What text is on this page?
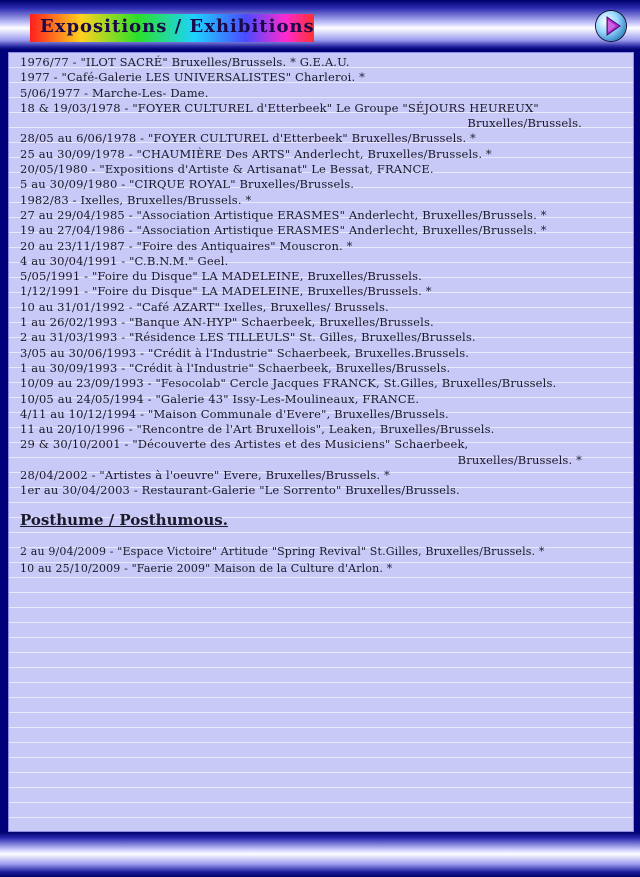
Expositions / Exhibitions
1976/77 - "ILOT SACRÉ" Bruxelles/Brussels. * G.E.A.U.
1977 - "Café-Galerie LES UNIVERSALISTES" Charleroi. *
5/06/1977 - Marche-Les- Dame.
18 & 19/03/1978 - "FOYER CULTUREL d'Etterbeek" Le Groupe "SÉJOURS HEUREUX"
Bruxelles/Brussels.
28/05 au 6/06/1978 - "FOYER CULTUREL d'Etterbeek" Bruxelles/Brussels. *
25 au 30/09/1978 - "CHAUMIÈRE Des ARTS" Anderlecht, Bruxelles/Brussels. *
20/05/1980 - "Expositions d'Artiste & Artisanat" Le Bessat, FRANCE.
5 au 30/09/1980 - "CIRQUE ROYAL" Bruxelles/Brussels.
1982/83 - Ixelles, Bruxelles/Brussels. *
27 au 29/04/1985 - "Association Artistique ERASMES" Anderlecht, Bruxelles/Brussels. *
19 au 27/04/1986 - "Association Artistique ERASMES" Anderlecht, Bruxelles/Brussels. *
20 au 23/11/1987 - "Foire des Antiquaires" Mouscron. *
4 au 30/04/1991 - "C.B.N.M." Geel.
5/05/1991 - "Foire du Disque" LA MADELEINE, Bruxelles/Brussels.
1/12/1991 - "Foire du Disque" LA MADELEINE, Bruxelles/Brussels. *
10 au 31/01/1992 - "Café AZART" Ixelles, Bruxelles/ Brussels.
1 au 26/02/1993 - "Banque AN-HYP" Schaerbeek, Bruxelles/Brussels.
2 au 31/03/1993 - "Résidence LES TILLEULS" St. Gilles, Bruxelles/Brussels.
3/05 au 30/06/1993 - "Crédit à l'Industrie" Schaerbeek, Bruxelles.Brussels.
1 au 30/09/1993 - "Crédit à l'Industrie" Schaerbeek, Bruxelles/Brussels.
10/09 au 23/09/1993 - "Fesocolab" Cercle Jacques FRANCK, St.Gilles, Bruxelles/Brussels.
10/05 au 24/05/1994 - "Galerie 43" Issy-Les-Moulineaux, FRANCE.
4/11 au 10/12/1994 - "Maison Communale d'Evere", Bruxelles/Brussels.
11 au 20/10/1996 - "Rencontre de l'Art Bruxellois", Leaken, Bruxelles/Brussels.
29 & 30/10/2001 - "Découverte des Artistes et des Musiciens" Schaerbeek,
Bruxelles/Brussels. *
28/04/2002 - "Artistes à l'oeuvre" Evere, Bruxelles/Brussels. *
1er au 30/04/2003 - Restaurant-Galerie "Le Sorrento" Bruxelles/Brussels.
Posthume / Posthumous.
2 au 9/04/2009 - "Espace Victoire" Artitude "Spring Revival" St.Gilles, Bruxelles/Brussels. *
10 au 25/10/2009 - "Faerie 2009" Maison de la Culture d'Arlon. *
